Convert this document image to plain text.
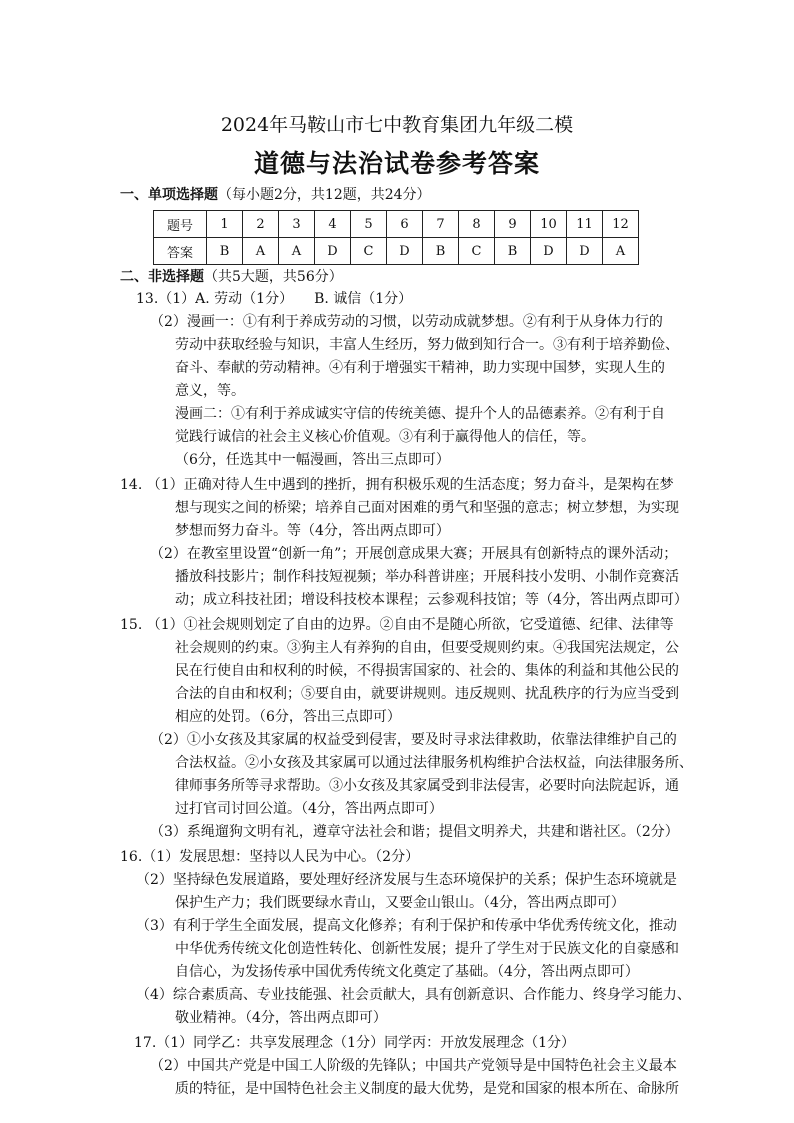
2024年马鞍山市七中教育集团九年级二模
道德与法治试卷参考答案
一、单项选择题（每小题2分，共12题，共24分）
题号	1	2	3	4	5	6	7	8	9	10	11	12
答案	B	A	A	D	C	D	B	C	B	D	D	A
二、非选择题（共5大题，共56分）
13.（1）A. 劳动（1分）　　B. 诚信（1分）
（2）漫画一：①有利于养成劳动的习惯，以劳动成就梦想。②有利于从身体力行的
劳动中获取经验与知识，丰富人生经历，努力做到知行合一。③有利于培养勤俭、
奋斗、奉献的劳动精神。④有利于增强实干精神，助力实现中国梦，实现人生的
意义，等。
漫画二：①有利于养成诚实守信的传统美德、提升个人的品德素养。②有利于自
觉践行诚信的社会主义核心价值观。③有利于赢得他人的信任，等。
（6分，任选其中一幅漫画，答出三点即可）
14. （1）正确对待人生中遇到的挫折，拥有积极乐观的生活态度；努力奋斗，是架构在梦
想与现实之间的桥梁；培养自己面对困难的勇气和坚强的意志；树立梦想，为实现
梦想而努力奋斗。等（4分，答出两点即可）
（2）在教室里设置“创新一角”；开展创意成果大赛；开展具有创新特点的课外活动；
播放科技影片；制作科技短视频；举办科普讲座；开展科技小发明、小制作竞赛活
动；成立科技社团；增设科技校本课程；云参观科技馆；等（4分，答出两点即可）
15. （1）①社会规则划定了自由的边界。②自由不是随心所欲，它受道德、纪律、法律等
社会规则的约束。③狗主人有养狗的自由，但要受规则约束。④我国宪法规定，公
民在行使自由和权利的时候，不得损害国家的、社会的、集体的利益和其他公民的
合法的自由和权利；⑤要自由，就要讲规则。违反规则、扰乱秩序的行为应当受到
相应的处罚。（6分，答出三点即可）
（2）①小女孩及其家属的权益受到侵害，要及时寻求法律救助，依靠法律维护自己的
合法权益。②小女孩及其家属可以通过法律服务机构维护合法权益，向法律服务所、
律师事务所等寻求帮助。③小女孩及其家属受到非法侵害，必要时向法院起诉，通
过打官司讨回公道。（4分，答出两点即可）
（3）系绳遛狗文明有礼，遵章守法社会和谐；提倡文明养犬，共建和谐社区。（2分）
16.（1）发展思想：坚持以人民为中心。（2分）
（2）坚持绿色发展道路，要处理好经济发展与生态环境保护的关系；保护生态环境就是
保护生产力；我们既要绿水青山，又要金山银山。（4分，答出两点即可）
（3）有利于学生全面发展，提高文化修养；有利于保护和传承中华优秀传统文化，推动
中华优秀传统文化创造性转化、创新性发展；提升了学生对于民族文化的自豪感和
自信心，为发扬传承中国优秀传统文化奠定了基础。（4分，答出两点即可）
（4）综合素质高、专业技能强、社会贡献大，具有创新意识、合作能力、终身学习能力、
敬业精神。（4分，答出两点即可）
17.（1）同学乙：共享发展理念（1分）同学丙：开放发展理念（1分）
（2）中国共产党是中国工人阶级的先锋队；中国共产党领导是中国特色社会主义最本
质的特征，是中国特色社会主义制度的最大优势，是党和国家的根本所在、命脉所
